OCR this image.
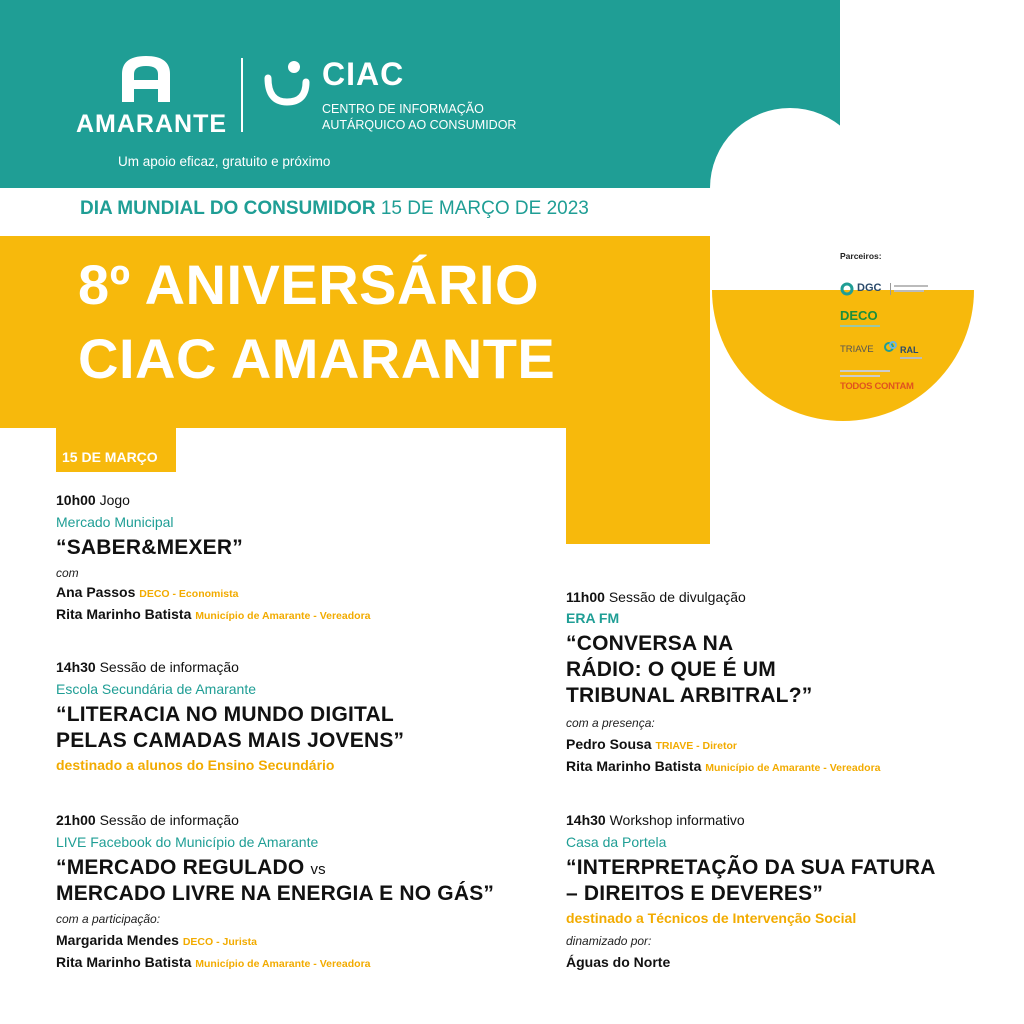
AMARANTE
CIAC
CENTRO DE INFORMAÇÃO
AUTÁRQUICO AO CONSUMIDOR
Um apoio eficaz, gratuito e próximo
DIA MUNDIAL DO CONSUMIDOR 15 DE MARÇO DE 2023
8º ANIVERSÁRIO
CIAC AMARANTE
Parceiros:
DGC
DECO
TRIAVE	RAL
TODOS CONTAM
15 DE MARÇO
10h00 Jogo
Mercado Municipal
“SABER&MEXER”
com
Ana Passos DECO - Economista
Rita Marinho Batista Município de Amarante - Vereadora
14h30 Sessão de informação
Escola Secundária de Amarante
“LITERACIA NO MUNDO DIGITAL
PELAS CAMADAS MAIS JOVENS”
destinado a alunos do Ensino Secundário
21h00 Sessão de informação
LIVE Facebook do Município de Amarante
“MERCADO REGULADO vs
MERCADO LIVRE NA ENERGIA E NO GÁS”
com a participação:
Margarida Mendes DECO - Jurista
Rita Marinho Batista Município de Amarante - Vereadora
16 DE MARÇO
11h00 Sessão de divulgação
ERA FM
“CONVERSA NA
RÁDIO: O QUE É UM
TRIBUNAL ARBITRAL?”
com a presença:
Pedro Sousa TRIAVE - Diretor
Rita Marinho Batista Município de Amarante - Vereadora
14h30 Workshop informativo
Casa da Portela
“INTERPRETAÇÃO DA SUA FATURA
– DIREITOS E DEVERES”
destinado a Técnicos de Intervenção Social
dinamizado por:
Águas do Norte
